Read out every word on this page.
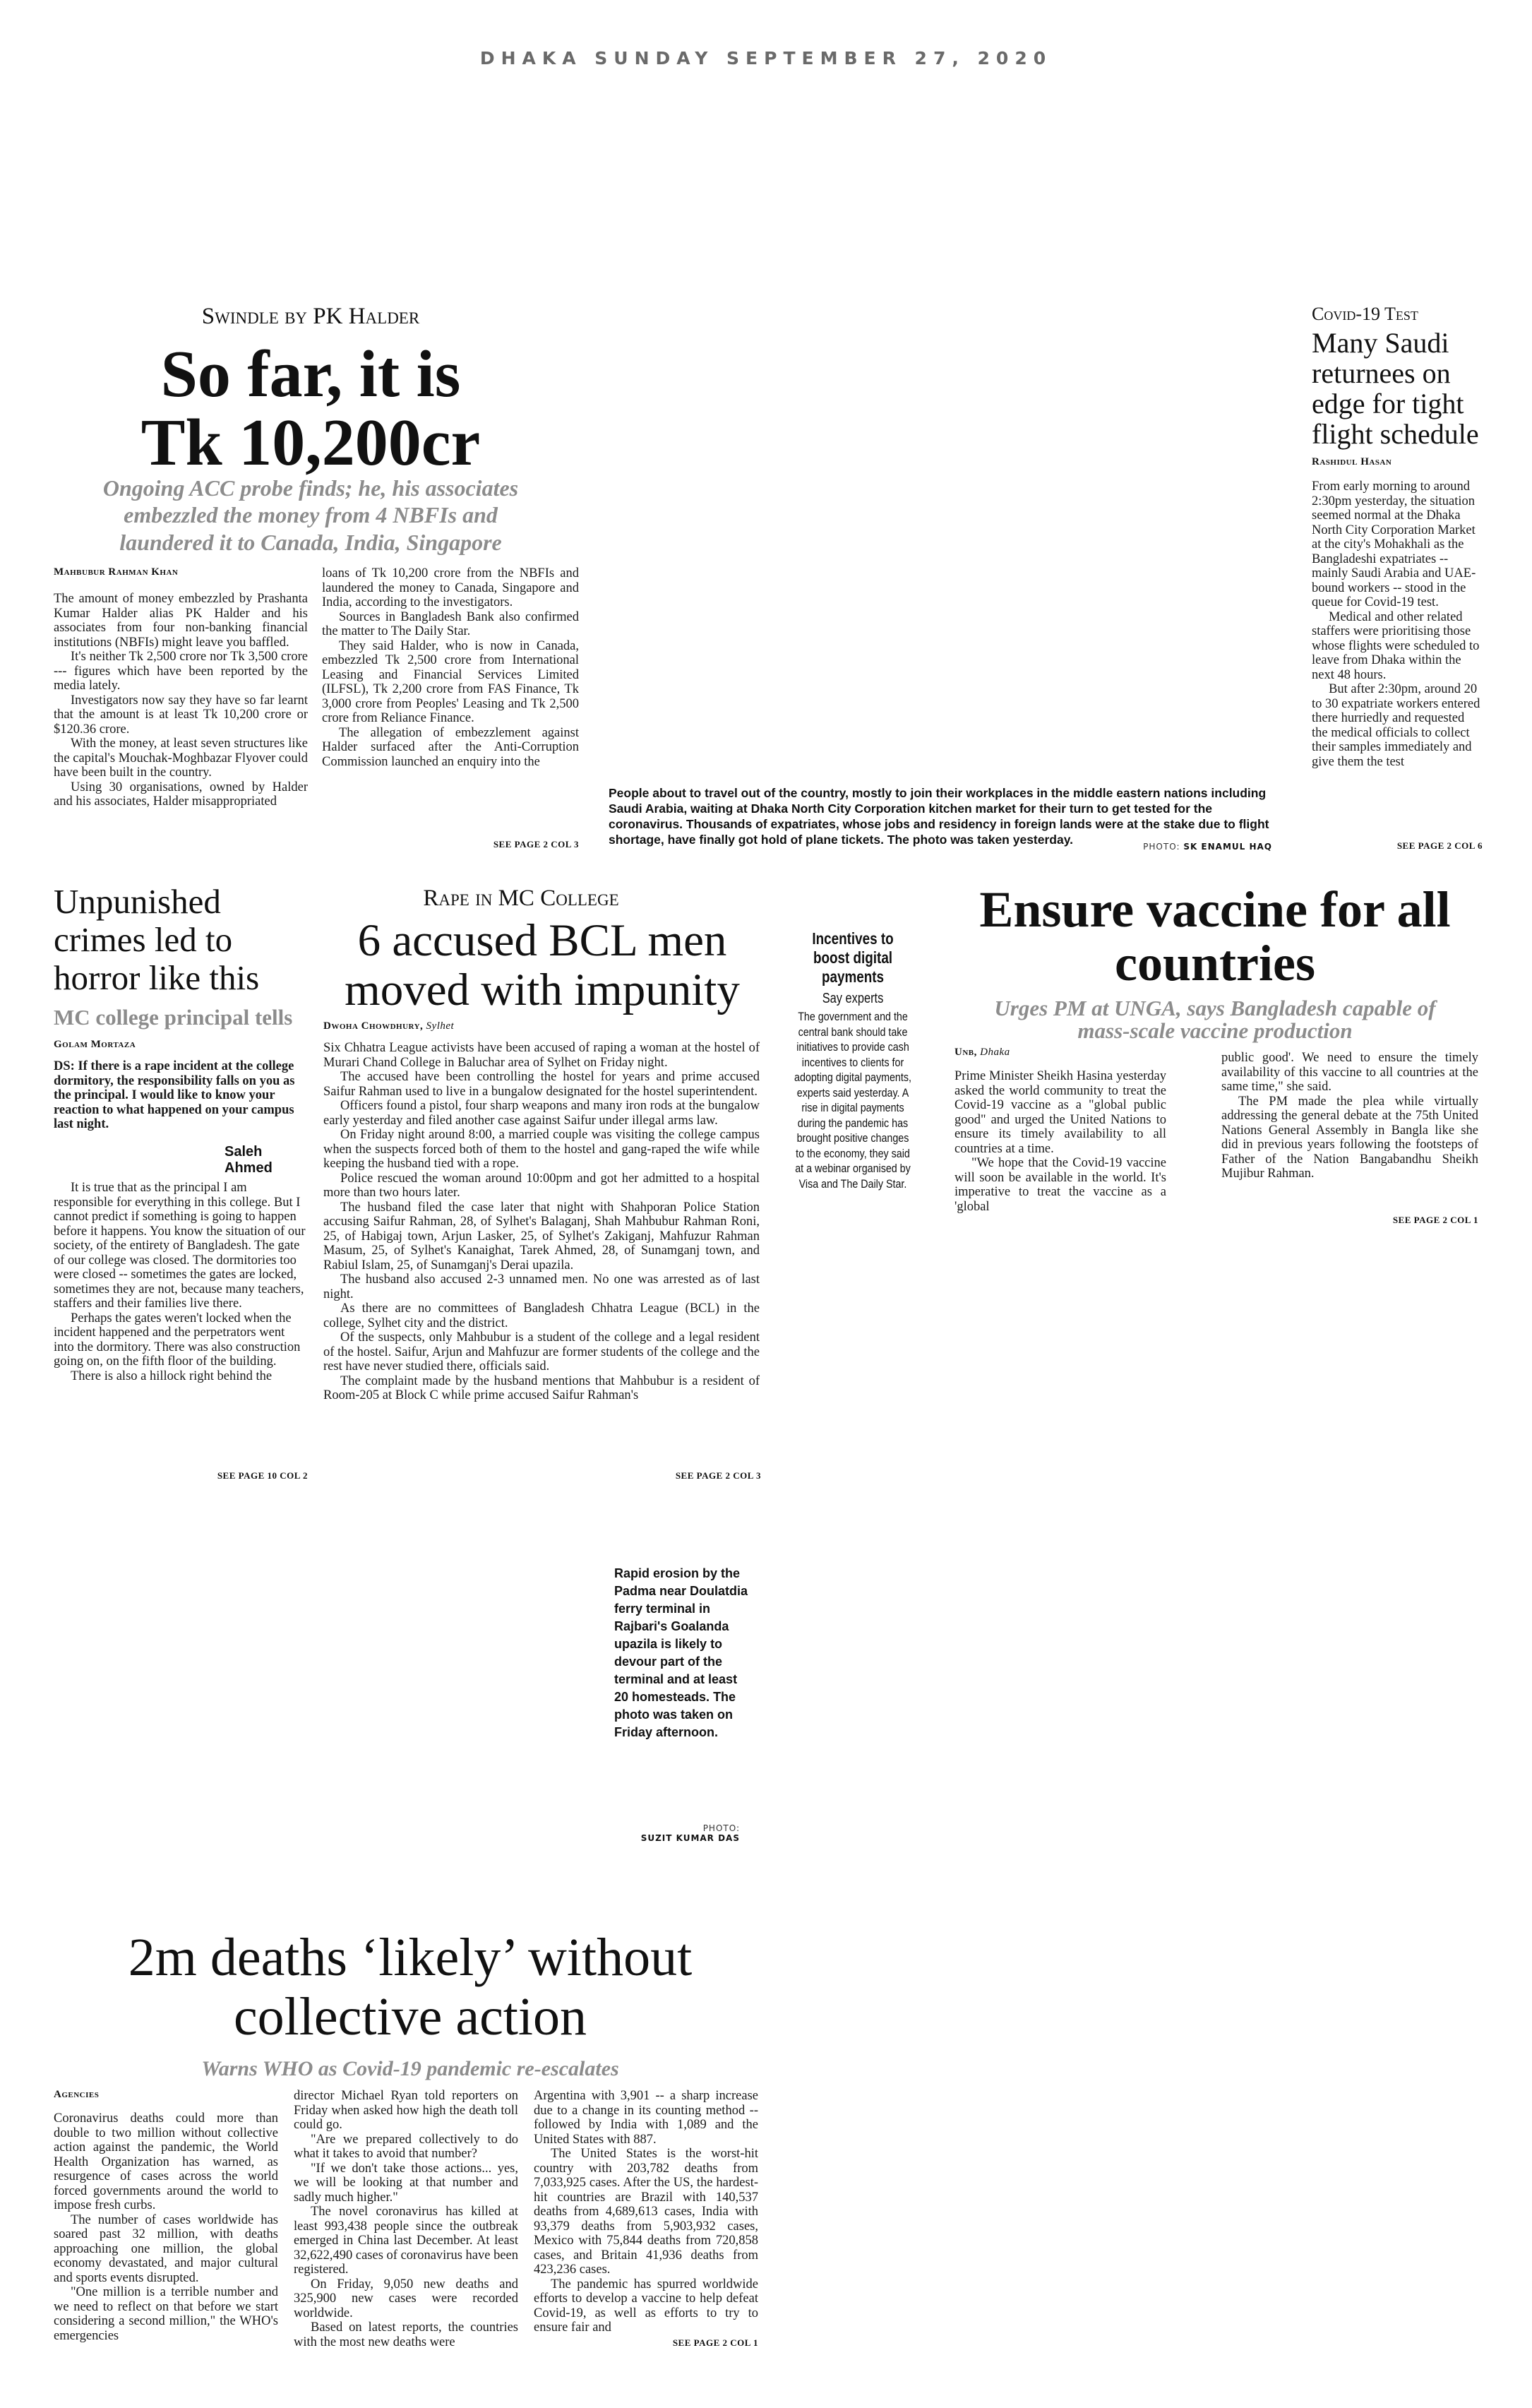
DHAKA SUNDAY SEPTEMBER 27, 2020
Swindle by PK Halder
So far, it is
Tk 10,200cr
Ongoing ACC probe finds; he, his associates embezzled the money from 4 NBFIs and laundered it to Canada, India, Singapore
Mahbubur Rahman Khan

The amount of money embezzled by Prashanta Kumar Halder alias PK Halder and his associates from four non-banking financial institutions (NBFIs) might leave you baffled.

It's neither Tk 2,500 crore nor Tk 3,500 crore --- figures which have been reported by the media lately.

Investigators now say they have so far learnt that the amount is at least Tk 10,200 crore or $120.36 crore.

With the money, at least seven structures like the capital's Mouchak-Moghbazar Flyover could have been built in the country.

Using 30 organisations, owned by Halder and his associates, Halder misappropriated

loans of Tk 10,200 crore from the NBFIs and laundered the money to Canada, Singapore and India, according to the investigators.

Sources in Bangladesh Bank also confirmed the matter to The Daily Star.

They said Halder, who is now in Canada, embezzled Tk 2,500 crore from International Leasing and Financial Services Limited (ILFSL), Tk 2,200 crore from FAS Finance, Tk 3,000 crore from Peoples' Leasing and Tk 2,500 crore from Reliance Finance.

The allegation of embezzlement against Halder surfaced after the Anti-Corruption Commission launched an enquiry into the

SEE PAGE 2 COL 3
People about to travel out of the country, mostly to join their workplaces in the middle eastern nations including Saudi Arabia, waiting at Dhaka North City Corporation kitchen market for their turn to get tested for the coronavirus. Thousands of expatriates, whose jobs and residency in foreign lands were at the stake due to flight shortage, have finally got hold of plane tickets. The photo was taken yesterday.	PHOTO: SK ENAMUL HAQ
Covid-19 Test
Many Saudi returnees on edge for tight flight schedule
Rashidul Hasan

From early morning to around 2:30pm yesterday, the situation seemed normal at the Dhaka North City Corporation Market at the city's Mohakhali as the Bangladeshi expatriates -- mainly Saudi Arabia and UAE-bound workers -- stood in the queue for Covid-19 test.

Medical and other related staffers were prioritising those whose flights were scheduled to leave from Dhaka within the next 48 hours.

But after 2:30pm, around 20 to 30 expatriate workers entered there hurriedly and requested the medical officials to collect their samples immediately and give them the test

SEE PAGE 2 COL 6
Unpunished crimes led to horror like this
MC college principal tells
Golam Mortaza

DS: If there is a rape incident at the college dormitory, the responsibility falls on you as the principal. I would like to know your reaction to what happened on your campus last night.

Saleh Ahmed

It is true that as the principal I am responsible for everything in this college. But I cannot predict if something is going to happen before it happens. You know the situation of our society, of the entirety of Bangladesh. The gate of our college was closed. The dormitories too were closed -- sometimes the gates are locked, sometimes they are not, because many teachers, staffers and their families live there.

Perhaps the gates weren't locked when the incident happened and the perpetrators went into the dormitory. There was also construction going on, on the fifth floor of the building.

There is also a hillock right behind the

SEE PAGE 10 COL 2
Rape in MC College
6 accused BCL men moved with impunity
Dwoha Chowdhury, Sylhet

Six Chhatra League activists have been accused of raping a woman at the hostel of Murari Chand College in Baluchar area of Sylhet on Friday night.

The accused have been controlling the hostel for years and prime accused Saifur Rahman used to live in a bungalow designated for the hostel superintendent.

Officers found a pistol, four sharp weapons and many iron rods at the bungalow early yesterday and filed another case against Saifur under illegal arms law.

On Friday night around 8:00, a married couple was visiting the college campus when the suspects forced both of them to the hostel and gang-raped the wife while keeping the husband tied with a rope.

Police rescued the woman around 10:00pm and got her admitted to a hospital more than two hours later.

The husband filed the case later that night with Shahporan Police Station accusing Saifur Rahman, 28, of Sylhet's Balaganj, Shah Mahbubur Rahman Roni, 25, of Habigaj town, Arjun Lasker, 25, of Sylhet's Zakiganj, Mahfuzur Rahman Masum, 25, of Sylhet's Kanaighat, Tarek Ahmed, 28, of Sunamganj town, and Rabiul Islam, 25, of Sunamganj's Derai upazila.

The husband also accused 2-3 unnamed men. No one was arrested as of last night.

As there are no committees of Bangladesh Chhatra League (BCL) in the college, Sylhet city and the district.

Of the suspects, only Mahbubur is a student of the college and a legal resident of the hostel. Saifur, Arjun and Mahfuzur are former students of the college and the rest have never studied there, officials said.

The complaint made by the husband mentions that Mahbubur is a resident of Room-205 at Block C while prime accused Saifur Rahman's

SEE PAGE 2 COL 3
Incentives to boost digital payments
Say experts
The government and the central bank should take initiatives to provide cash incentives to clients for adopting digital payments, experts said yesterday. A rise in digital payments during the pandemic has brought positive changes to the economy, they said at a webinar organised by Visa and The Daily Star.
Ensure vaccine for all countries
Urges PM at UNGA, says Bangladesh capable of mass-scale vaccine production
Unb, Dhaka

Prime Minister Sheikh Hasina yesterday asked the world community to treat the Covid-19 vaccine as a "global public good" and urged the United Nations to ensure its timely availability to all countries at a time.

"We hope that the Covid-19 vaccine will soon be available in the world. It's imperative to treat the vaccine as a 'global

public good'. We need to ensure the timely availability of this vaccine to all countries at the same time," she said.

The PM made the plea while virtually addressing the general debate at the 75th United Nations General Assembly in Bangla like she did in previous years following the footsteps of Father of the Nation Bangabandhu Sheikh Mujibur Rahman.

SEE PAGE 2 COL 1
Rapid erosion by the Padma near Doulatdia ferry terminal in Rajbari's Goalanda upazila is likely to devour part of the terminal and at least 20 homesteads. The photo was taken on Friday afternoon.
PHOTO:
SUZIT KUMAR DAS
2m deaths ‘likely’ without
collective action
Warns WHO as Covid-19 pandemic re-escalates
Agencies

Coronavirus deaths could more than double to two million without collective action against the pandemic, the World Health Organization has warned, as resurgence of cases across the world forced governments around the world to impose fresh curbs.

The number of cases worldwide has soared past 32 million, with deaths approaching one million, the global economy devastated, and major cultural and sports events disrupted.

"One million is a terrible number and we need to reflect on that before we start considering a second million," the WHO's emergencies

director Michael Ryan told reporters on Friday when asked how high the death toll could go.

"Are we prepared collectively to do what it takes to avoid that number?

"If we don't take those actions... yes, we will be looking at that number and sadly much higher."

The novel coronavirus has killed at least 993,438 people since the outbreak emerged in China last December. At least 32,622,490 cases of coronavirus have been registered.

On Friday, 9,050 new deaths and 325,900 new cases were recorded worldwide.

Based on latest reports, the countries with the most new deaths were

Argentina with 3,901 -- a sharp increase due to a change in its counting method -- followed by India with 1,089 and the United States with 887.

The United States is the worst-hit country with 203,782 deaths from 7,033,925 cases. After the US, the hardest-hit countries are Brazil with 140,537 deaths from 4,689,613 cases, India with 93,379 deaths from 5,903,932 cases, Mexico with 75,844 deaths from 720,858 cases, and Britain 41,936 deaths from 423,236 cases.

The pandemic has spurred worldwide efforts to develop a vaccine to help defeat Covid-19, as well as efforts to try to ensure fair and

SEE PAGE 2 COL 1
